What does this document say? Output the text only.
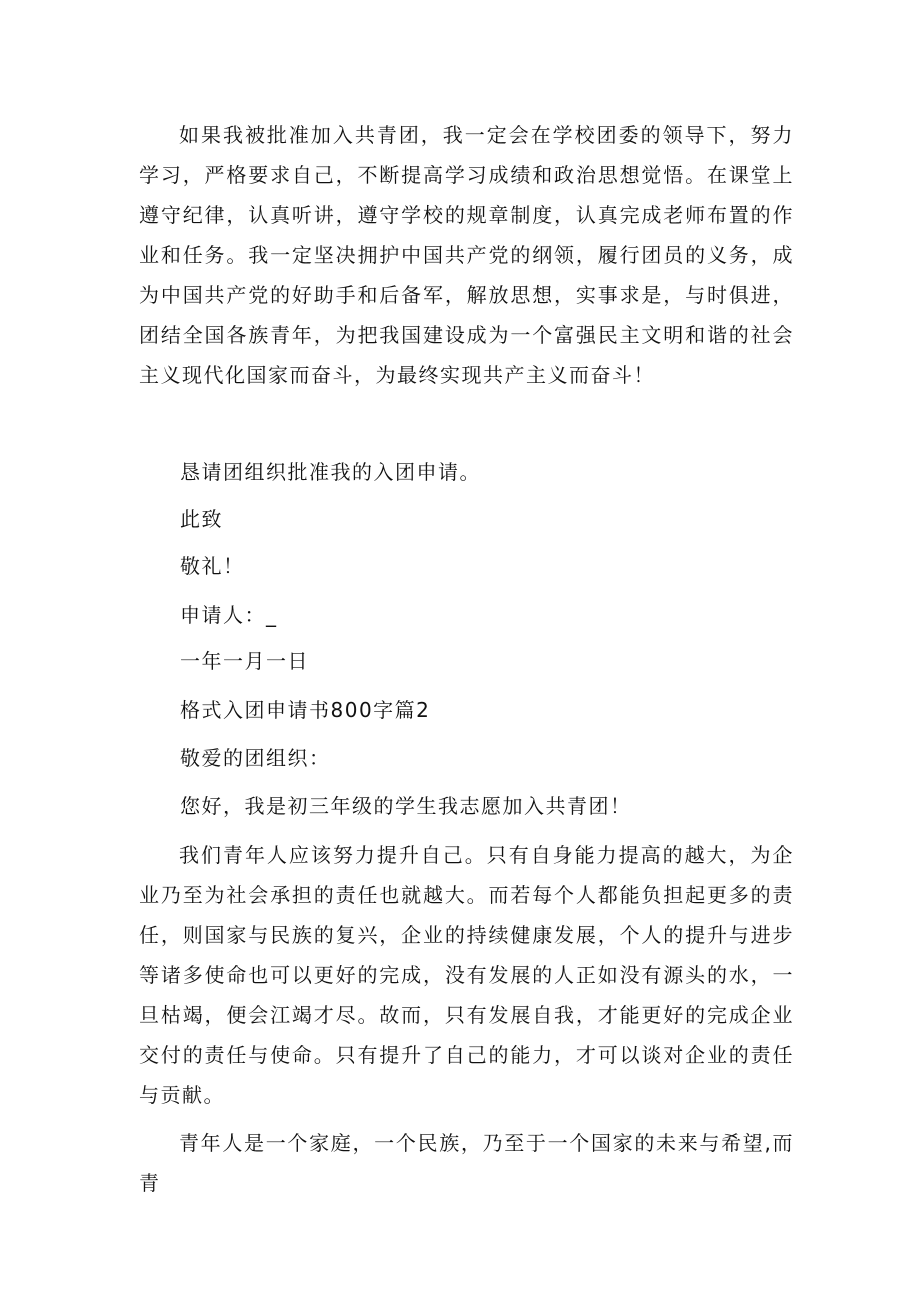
如果我被批准加入共青团，我一定会在学校团委的领导下，努力学习，严格要求自己，不断提高学习成绩和政治思想觉悟。在课堂上遵守纪律，认真听讲，遵守学校的规章制度，认真完成老师布置的作业和任务。我一定坚决拥护中国共产党的纲领，履行团员的义务，成为中国共产党的好助手和后备军，解放思想，实事求是，与时俱进，团结全国各族青年，为把我国建设成为一个富强民主文明和谐的社会主义现代化国家而奋斗，为最终实现共产主义而奋斗！

恳请团组织批准我的入团申请。

此致

敬礼！

申请人：_

一年一月一日

格式入团申请书800字篇2

敬爱的团组织：

您好，我是初三年级的学生我志愿加入共青团！

我们青年人应该努力提升自己。只有自身能力提高的越大，为企业乃至为社会承担的责任也就越大。而若每个人都能负担起更多的责任，则国家与民族的复兴，企业的持续健康发展，个人的提升与进步等诸多使命也可以更好的完成，没有发展的人正如没有源头的水，一旦枯竭，便会江竭才尽。故而，只有发展自我，才能更好的完成企业交付的责任与使命。只有提升了自己的能力，才可以谈对企业的责任与贡献。

青年人是一个家庭，一个民族，乃至于一个国家的未来与希望,而青
